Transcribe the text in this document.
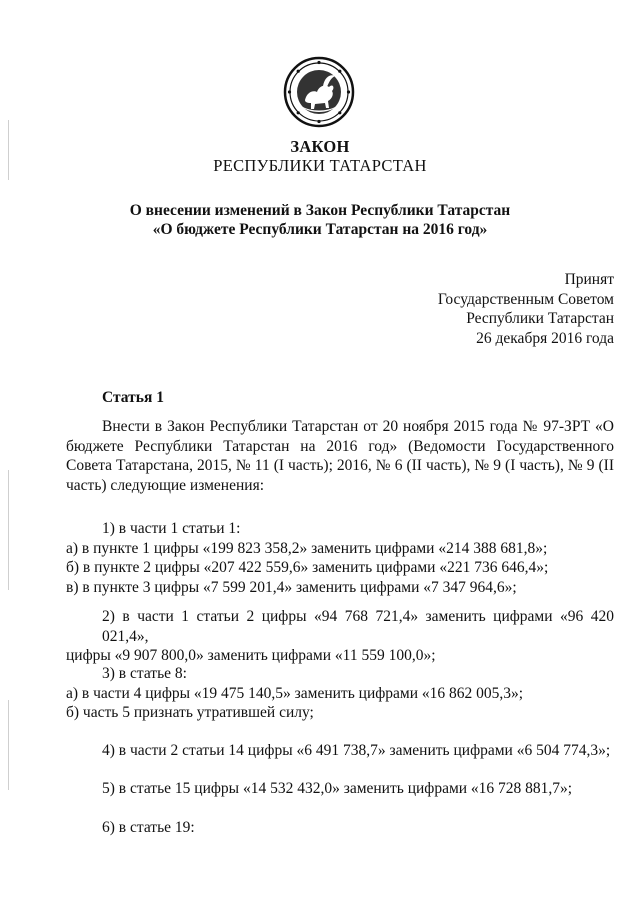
ЗАКОН
РЕСПУБЛИКИ ТАТАРСТАН
О внесении изменений в Закон Республики Татарстан
«О бюджете Республики Татарстан на 2016 год»
Принят
Государственным Советом
Республики Татарстан
26 декабря 2016 года
Статья 1
Внести в Закон Республики Татарстан от 20 ноября 2015 года № 97-ЗРТ «О бюджете Республики Татарстан на 2016 год» (Ведомости Государственного Совета Татарстана, 2015, № 11 (I часть); 2016, № 6 (II часть), № 9 (I часть), № 9 (II часть) следующие изменения:
1) в части 1 статьи 1:
а) в пункте 1 цифры «199 823 358,2» заменить цифрами «214 388 681,8»;
б) в пункте 2 цифры «207 422 559,6» заменить цифрами «221 736 646,4»;
в) в пункте 3 цифры «7 599 201,4» заменить цифрами «7 347 964,6»;
2) в части 1 статьи 2 цифры «94 768 721,4» заменить цифрами «96 420 021,4»,
цифры «9 907 800,0» заменить цифрами «11 559 100,0»;
3) в статье 8:
а) в части 4 цифры «19 475 140,5» заменить цифрами «16 862 005,3»;
б) часть 5 признать утратившей силу;
4) в части 2 статьи 14 цифры «6 491 738,7» заменить цифрами «6 504 774,3»;
5) в статье 15 цифры «14 532 432,0» заменить цифрами «16 728 881,7»;
6) в статье 19:
